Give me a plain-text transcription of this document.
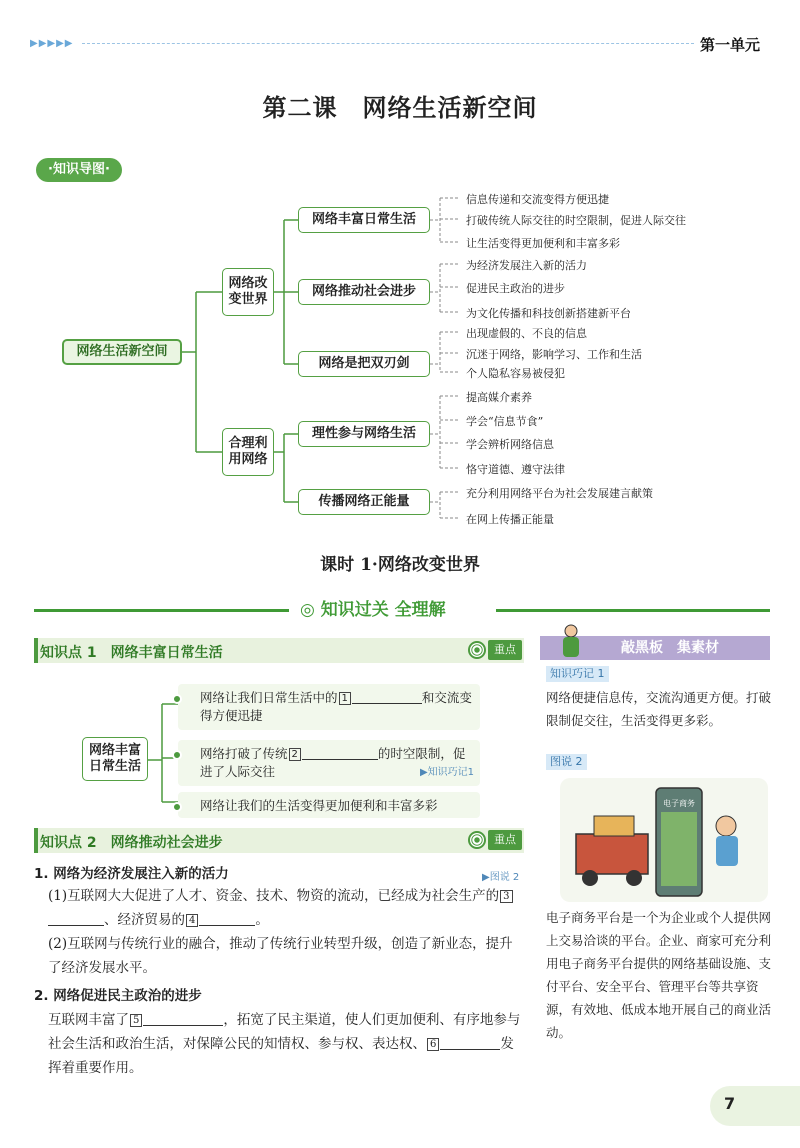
▶▶▶▶▶	第一单元
第二课　网络生活新空间
·知识导图·
网络生活新空间
网络改变世界
合理利用网络
网络丰富日常生活
网络推动社会进步
网络是把双刃剑
理性参与网络生活
传播网络正能量
信息传递和交流变得方便迅捷
打破传统人际交往的时空限制，促进人际交往
让生活变得更加便利和丰富多彩
为经济发展注入新的活力
促进民主政治的进步
为文化传播和科技创新搭建新平台
出现虚假的、不良的信息
沉迷于网络，影响学习、工作和生活
个人隐私容易被侵犯
提高媒介素养
学会“信息节食”
学会辨析网络信息
恪守道德、遵守法律
充分利用网络平台为社会发展建言献策
在网上传播正能量
课时 1·网络改变世界
◎ 知识过关 全理解
知识点 1　网络丰富日常生活	重点
网络丰富日常生活
网络让我们日常生活中的 1	和交流变得方便迅捷
网络打破了传统 2	的时空限制，促进了人际交往	▶知识巧记1
网络让我们的生活变得更加便利和丰富多彩
知识点 2　网络推动社会进步	重点
1. 网络为经济发展注入新的活力	▶图说 2
(1)互联网大大促进了人才、资金、技术、物资的流动，已经成为社会生产的 3、经济贸易的 4	。
(2)互联网与传统行业的融合，推动了传统行业转型升级，创造了新业态，提升了经济发展水平。
2. 网络促进民主政治的进步
互联网丰富了 5	，拓宽了民主渠道，使人们更加便利、有序地参与社会生活和政治生活，对保障公民的知情权、参与权、表达权、 6	发挥着重要作用。
敲黑板　集素材
知识巧记 1
网络便捷信息传，交流沟通更方便。打破限制促交往，生活变得更多彩。
图说 2
电子商务
电子商务平台是一个为企业或个人提供网上交易洽谈的平台。企业、商家可充分利用电子商务平台提供的网络基础设施、支付平台、安全平台、管理平台等共享资源，有效地、低成本地开展自己的商业活动。
7
